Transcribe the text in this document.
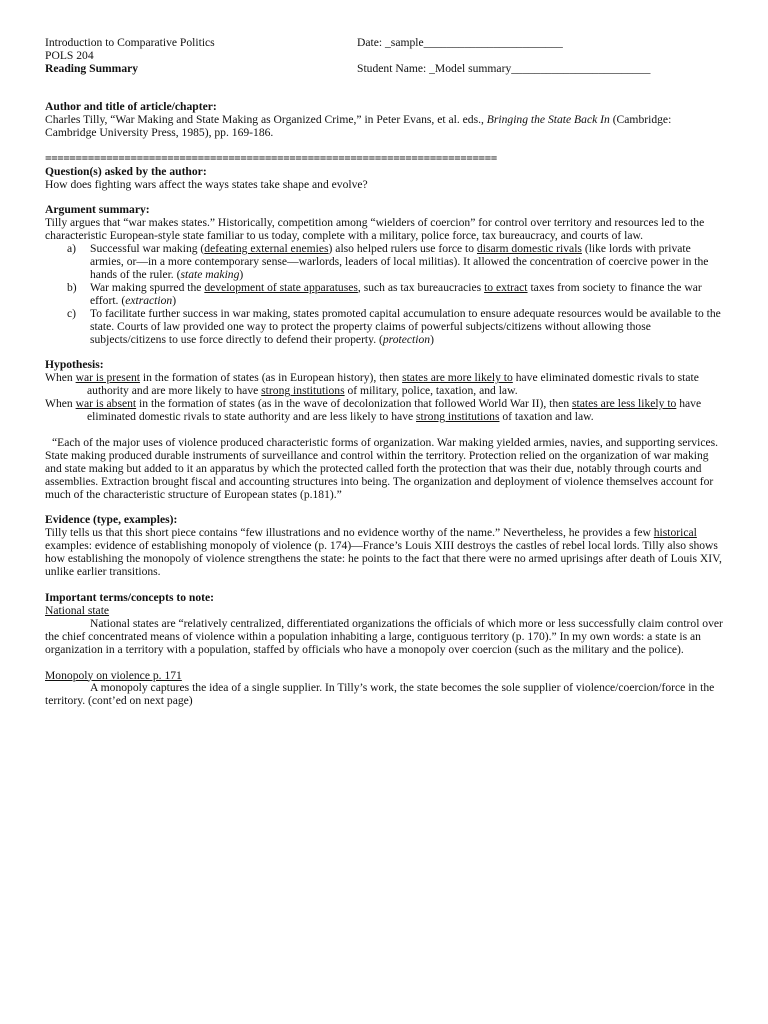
Introduction to Comparative Politics	Date: _sample________________________
POLS 204
Reading Summary	Student Name: _Model summary________________________

Author and title of article/chapter:

Charles Tilly, “War Making and State Making as Organized Crime,” in Peter Evans, et al. eds., Bringing the State Back In (Cambridge: Cambridge University Press, 1985), pp. 169-186.

==========================================================================

Question(s) asked by the author:

How does fighting wars affect the ways states take shape and evolve?

Argument summary:

Tilly argues that “war makes states.” Historically, competition among “wielders of coercion” for control over territory and resources led to the characteristic European-style state familiar to us today, complete with a military, police force, tax bureaucracy, and courts of law.

a) Successful war making (defeating external enemies) also helped rulers use force to disarm domestic rivals (like lords with private armies, or—in a more contemporary sense—warlords, leaders of local militias). It allowed the concentration of coercive power in the hands of the ruler. (state making)
b) War making spurred the development of state apparatuses, such as tax bureaucracies to extract taxes from society to finance the war effort. (extraction)
c) To facilitate further success in war making, states promoted capital accumulation to ensure adequate resources would be available to the state. Courts of law provided one way to protect the property claims of powerful subjects/citizens without allowing those subjects/citizens to use force directly to defend their property. (protection)

Hypothesis:

When war is present in the formation of states (as in European history), then states are more likely to have eliminated domestic rivals to state authority and are more likely to have strong institutions of military, police, taxation, and law.

When war is absent in the formation of states (as in the wave of decolonization that followed World War II), then states are less likely to have eliminated domestic rivals to state authority and are less likely to have strong institutions of taxation and law.

“Each of the major uses of violence produced characteristic forms of organization. War making yielded armies, navies, and supporting services. State making produced durable instruments of surveillance and control within the territory. Protection relied on the organization of war making and state making but added to it an apparatus by which the protected called forth the protection that was their due, notably through courts and assemblies. Extraction brought fiscal and accounting structures into being. The organization and deployment of violence themselves account for much of the characteristic structure of European states (p.181).”

Evidence (type, examples):

Tilly tells us that this short piece contains “few illustrations and no evidence worthy of the name.” Nevertheless, he provides a few historical examples: evidence of establishing monopoly of violence (p. 174)—France’s Louis XIII destroys the castles of rebel local lords. Tilly also shows how establishing the monopoly of violence strengthens the state: he points to the fact that there were no armed uprisings after death of Louis XIV, unlike earlier transitions.

Important terms/concepts to note:

National state

National states are “relatively centralized, differentiated organizations the officials of which more or less successfully claim control over the chief concentrated means of violence within a population inhabiting a large, contiguous territory (p. 170).” In my own words: a state is an organization in a territory with a population, staffed by officials who have a monopoly over coercion (such as the military and the police).

Monopoly on violence p. 171

A monopoly captures the idea of a single supplier. In Tilly’s work, the state becomes the sole supplier of violence/coercion/force in the territory. (cont’ed on next page)
